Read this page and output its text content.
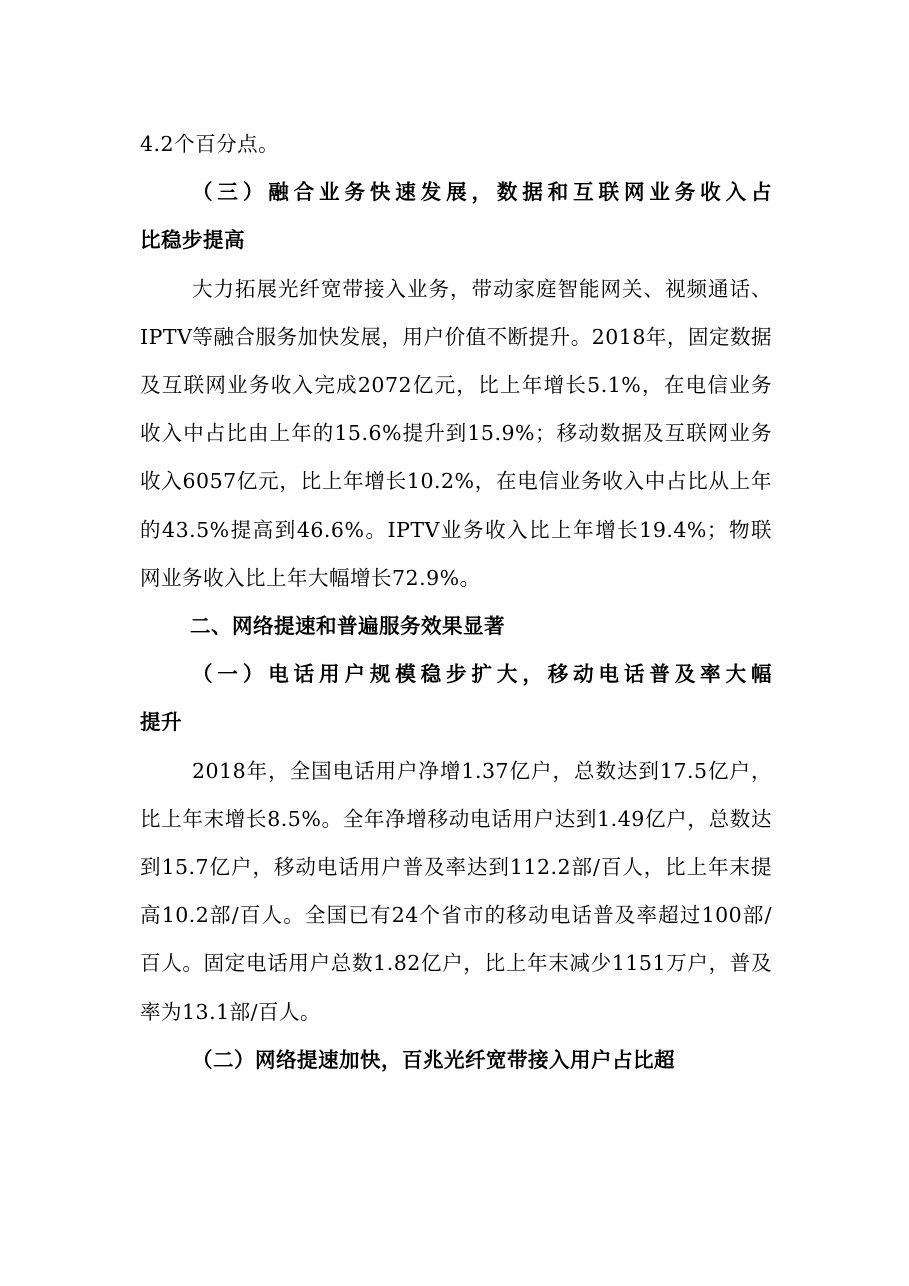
4.2个百分点。

（三）融合业务快速发展，数据和互联网业务收入占
比稳步提高

大力拓展光纤宽带接入业务，带动家庭智能网关、视频通话、IPTV等融合服务加快发展，用户价值不断提升。2018年，固定数据及互联网业务收入完成2072亿元，比上年增长5.1%，在电信业务收入中占比由上年的15.6%提升到15.9%；移动数据及互联网业务收入6057亿元，比上年增长10.2%，在电信业务收入中占比从上年的43.5%提高到46.6%。IPTV业务收入比上年增长19.4%；物联网业务收入比上年大幅增长72.9%。

二、网络提速和普遍服务效果显著

（一）电话用户规模稳步扩大，移动电话普及率大幅
提升

2018年，全国电话用户净增1.37亿户，总数达到17.5亿户，比上年末增长8.5%。全年净增移动电话用户达到1.49亿户，总数达到15.7亿户，移动电话用户普及率达到112.2部/百人，比上年末提高10.2部/百人。全国已有24个省市的移动电话普及率超过100部/百人。固定电话用户总数1.82亿户，比上年末减少1151万户，普及率为13.1部/百人。

（二）网络提速加快，百兆光纤宽带接入用户占比超
